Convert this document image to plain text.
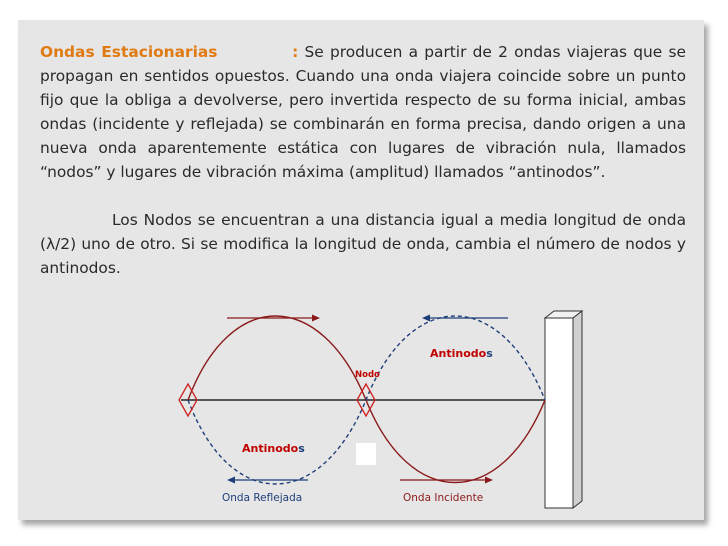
Ondas Estacionarias	: Se producen a partir de 2 ondas viajeras que se propagan en sentidos opuestos. Cuando una onda viajera coincide sobre un punto fijo que la obliga a devolverse, pero invertida respecto de su forma inicial, ambas ondas (incidente y reflejada) se combinarán en forma precisa, dando origen a una nueva onda aparentemente estática con lugares de vibración nula, llamados “nodos” y lugares de vibración máxima (amplitud) llamados “antinodos”.

Los Nodos se encuentran a una distancia igual a media longitud de onda (λ/2) uno de otro. Si se modifica la longitud de onda, cambia el número de nodos y antinodos.

Antinodos
Nodo
Antinodos
Onda Reflejada	Onda Incidente
